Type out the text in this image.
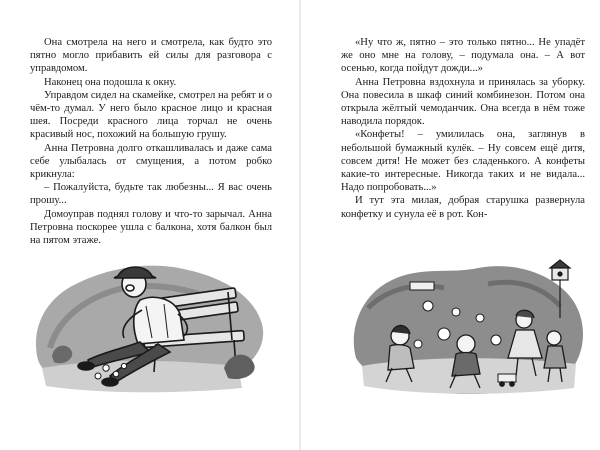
Она смотрела на него и смотрела, как будто это пятно могло прибавить ей силы для разговора с управдомом.

Наконец она подошла к окну.

Управдом сидел на скамейке, смотрел на ребят и о чём-то думал. У него было красное лицо и красная шея. Посреди красного лица торчал не очень красивый нос, похожий на большую грушу.

Анна Петровна долго откашливалась и даже сама себе улыбалась от смущения, а потом робко крикнула:

– Пожалуйста, будьте так любезны... Я вас очень прошу...

Домоуправ поднял голову и что-то зарычал. Анна Петровна поскорее ушла с балкона, хотя балкон был на пятом этаже.

«Ну что ж, пятно – это только пятно... Не упадёт же оно мне на голову, – подумала она. – А вот осенью, когда пойдут дожди...»

Анна Петровна вздохнула и принялась за уборку. Она повесила в шкаф синий комбинезон. Потом она открыла жёлтый чемоданчик. Она всегда в нём тоже наводила порядок.

«Конфеты! – умилилась она, заглянув в небольшой бумажный кулёк. – Ну совсем ещё дитя, совсем дитя! Не может без сладенького. А конфеты какие-то интересные. Никогда таких и не видала... Надо попробовать...»

И тут эта милая, добрая старушка развернула конфетку и сунула её в рот. Кон-
